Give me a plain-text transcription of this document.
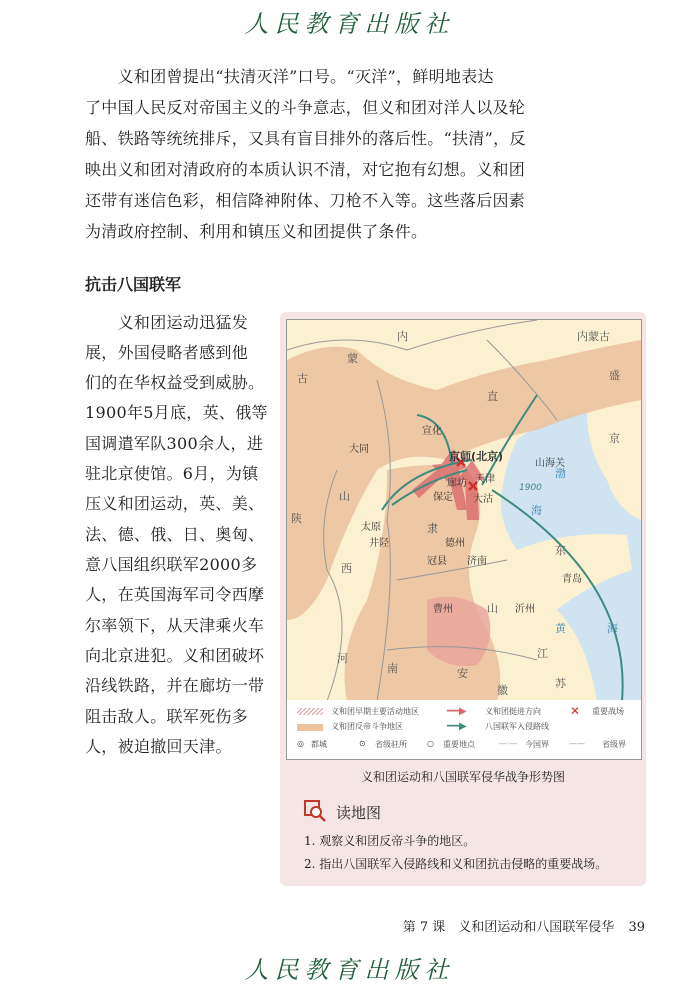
人民教育出版社
　　义和团曾提出“扶清灭洋”口号。“灭洋”，鲜明地表达
了中国人民反对帝国主义的斗争意志，但义和团对洋人以及轮
船、铁路等统统排斥，又具有盲目排外的落后性。“扶清”，反
映出义和团对清政府的本质认识不清，对它抱有幻想。义和团
还带有迷信色彩，相信降神附体、刀枪不入等。这些落后因素
为清政府控制、利用和镇压义和团提供了条件。
抗击八国联军
　　义和团运动迅猛发
展，外国侵略者感到他
们的在华权益受到威胁。
1900年5月底，英、俄等
国调遣军队300余人，进
驻北京使馆。6月，为镇
压义和团运动，英、美、
法、德、俄、日、奥匈、
意八国组织联军2000多
人，在英国海军司令西摩
尔率领下，从天津乘火车
向北京进犯。义和团破坏
沿线铁路，并在廊坊一带
阻击敌人。联军死伤多
人，被迫撤回天津。
内
蒙
古
内蒙古
直
盛
京
山
西
陕
隶
山
东
河
南	安
徽
江
苏
渤
海
黄	海
1900
京师(北京)
宣化
大同
山海关
天津
廊坊
大沽
保定
太原
井陉	德州
冠县 济南
青岛
曹州	沂州
义和团早期主要活动地区
义和团反帝斗争地区
━━▶ 义和团挺进方向
━━▶ 八国联军入侵路线
✕ 重要战场
◎ 都城	⊙ 省级驻所	○ 重要地点	—·— 今国界	—— 省级界
义和团运动和八国联军侵华战争形势图
读地图
1. 观察义和团反帝斗争的地区。
2. 指出八国联军入侵路线和义和团抗击侵略的重要战场。
第 7 课　义和团运动和八国联军侵华 39
人民教育出版社
